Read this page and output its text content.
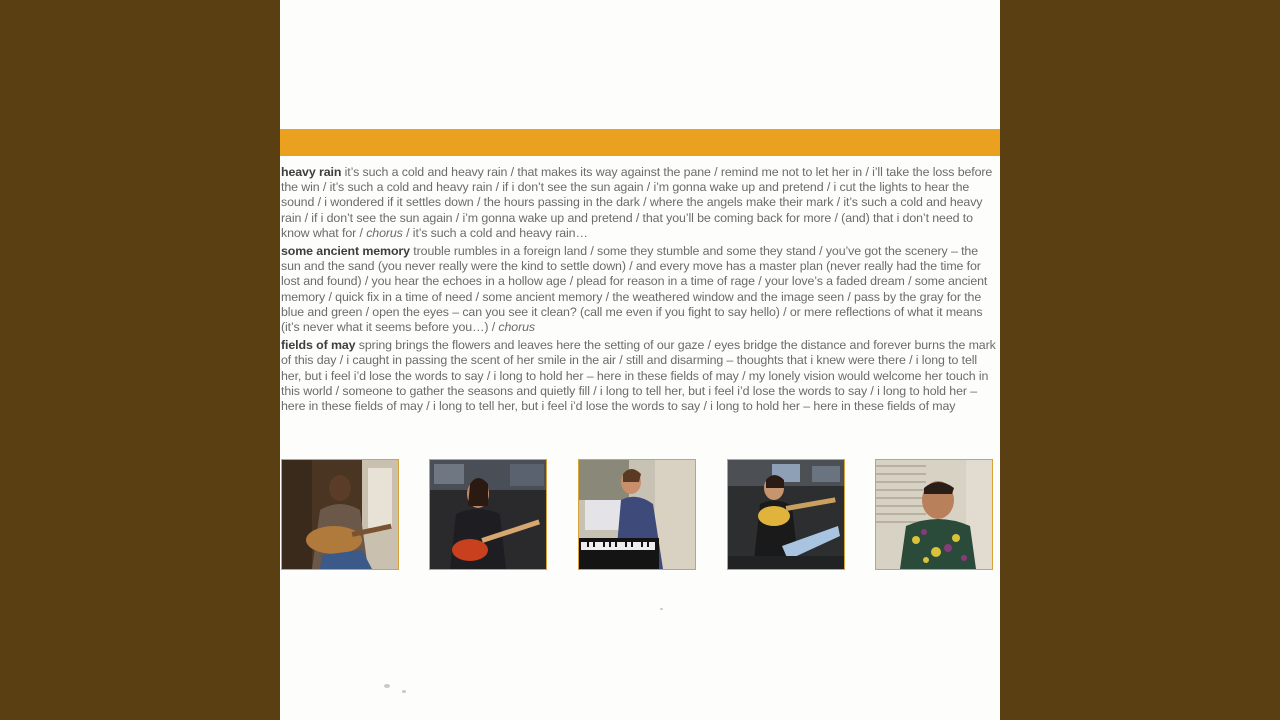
heavy rain it’s such a cold and heavy rain / that makes its way against the pane / remind me not to let her in / i’ll take the loss before the win / it’s such a cold and heavy rain / if i don’t see the sun again / i’m gonna wake up and pretend / i cut the lights to hear the sound / i wondered if it settles down / the hours passing in the dark / where the angels make their mark / it’s such a cold and heavy rain / if i don’t see the sun again / i’m gonna wake up and pretend / that you’ll be coming back for more / (and) that i don’t need to know what for / chorus / it’s such a cold and heavy rain…

some ancient memory trouble rumbles in a foreign land / some they stumble and some they stand / you’ve got the scenery – the sun and the sand (you never really were the kind to settle down) / and every move has a master plan (never really had the time for lost and found) / you hear the echoes in a hollow age / plead for reason in a time of rage / your love’s a faded dream / some ancient memory / quick fix in a time of need / some ancient memory / the weathered window and the image seen / pass by the gray for the blue and green / open the eyes – can you see it clean? (call me even if you fight to say hello) / or mere reflections of what it means (it’s never what it seems before you…) / chorus

fields of may spring brings the flowers and leaves here the setting of our gaze / eyes bridge the distance and forever burns the mark of this day / i caught in passing the scent of her smile in the air / still and disarming – thoughts that i knew were there / i long to tell her, but i feel i’d lose the words to say / i long to hold her – here in these fields of may / my lonely vision would welcome her touch in this world / someone to gather the seasons and quietly fill / i long to tell her, but i feel i’d lose the words to say / i long to hold her – here in these fields of may / i long to tell her, but i feel i’d lose the words to say / i long to hold her – here in these fields of may
